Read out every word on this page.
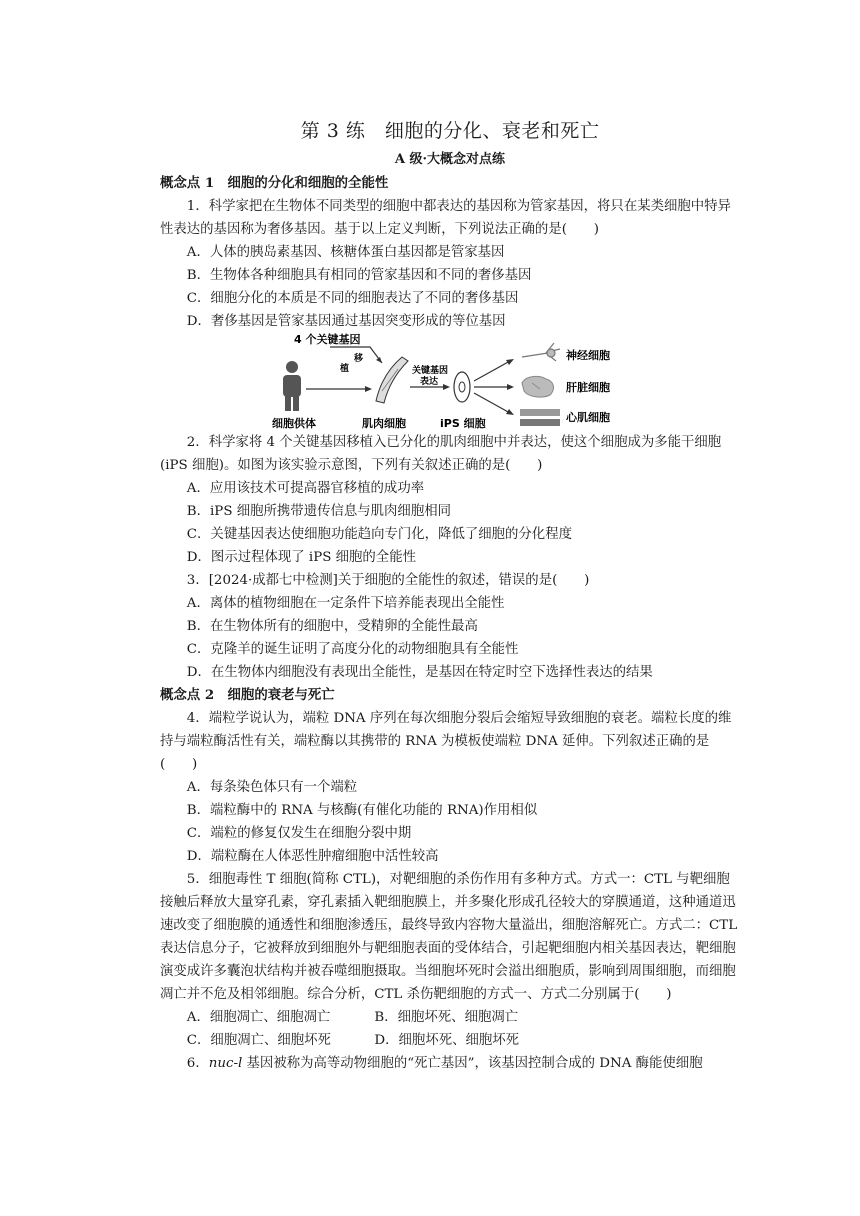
第 3 练　细胞的分化、衰老和死亡
A 级·大概念对点练

概念点 1　细胞的分化和细胞的全能性

1．科学家把在生物体不同类型的细胞中都表达的基因称为管家基因，将只在某类细胞中特异性表达的基因称为奢侈基因。基于以上定义判断，下列说法正确的是(　　)

A．人体的胰岛素基因、核糖体蛋白基因都是管家基因

B．生物体各种细胞具有相同的管家基因和不同的奢侈基因

C．细胞分化的本质是不同的细胞表达了不同的奢侈基因

D．奢侈基因是管家基因通过基因突变形成的等位基因

4 个关键基因
移
植	关键基因
表达
神经细胞
肝脏细胞
心肌细胞
细胞供体	肌肉细胞	iPS 细胞

2．科学家将 4 个关键基因移植入已分化的肌肉细胞中并表达，使这个细胞成为多能干细胞(iPS 细胞)。如图为该实验示意图，下列有关叙述正确的是(　　)

A．应用该技术可提高器官移植的成功率

B．iPS 细胞所携带遗传信息与肌肉细胞相同

C．关键基因表达使细胞功能趋向专门化，降低了细胞的分化程度

D．图示过程体现了 iPS 细胞的全能性

3．[2024·成都七中检测]关于细胞的全能性的叙述，错误的是(　　)

A．离体的植物细胞在一定条件下培养能表现出全能性

B．在生物体所有的细胞中，受精卵的全能性最高

C．克隆羊的诞生证明了高度分化的动物细胞具有全能性

D．在生物体内细胞没有表现出全能性，是基因在特定时空下选择性表达的结果

概念点 2　细胞的衰老与死亡

4．端粒学说认为，端粒 DNA 序列在每次细胞分裂后会缩短导致细胞的衰老。端粒长度的维持与端粒酶活性有关，端粒酶以其携带的 RNA 为模板使端粒 DNA 延伸。下列叙述正确的是(　　)

A．每条染色体只有一个端粒

B．端粒酶中的 RNA 与核酶(有催化功能的 RNA)作用相似

C．端粒的修复仅发生在细胞分裂中期

D．端粒酶在人体恶性肿瘤细胞中活性较高

5．细胞毒性 T 细胞(简称 CTL)，对靶细胞的杀伤作用有多种方式。方式一：CTL 与靶细胞接触后释放大量穿孔素，穿孔素插入靶细胞膜上，并多聚化形成孔径较大的穿膜通道，这种通道迅速改变了细胞膜的通透性和细胞渗透压，最终导致内容物大量溢出，细胞溶解死亡。方式二：CTL 表达信息分子，它被释放到细胞外与靶细胞表面的受体结合，引起靶细胞内相关基因表达，靶细胞演变成许多囊泡状结构并被吞噬细胞摄取。当细胞坏死时会溢出细胞质，影响到周围细胞，而细胞凋亡并不危及相邻细胞。综合分析，CTL 杀伤靶细胞的方式一、方式二分别属于(　　)

A．细胞凋亡、细胞凋亡	B．细胞坏死、细胞凋亡

C．细胞凋亡、细胞坏死	D．细胞坏死、细胞坏死

6．nuc-l 基因被称为高等动物细胞的“死亡基因”，该基因控制合成的 DNA 酶能使细胞
